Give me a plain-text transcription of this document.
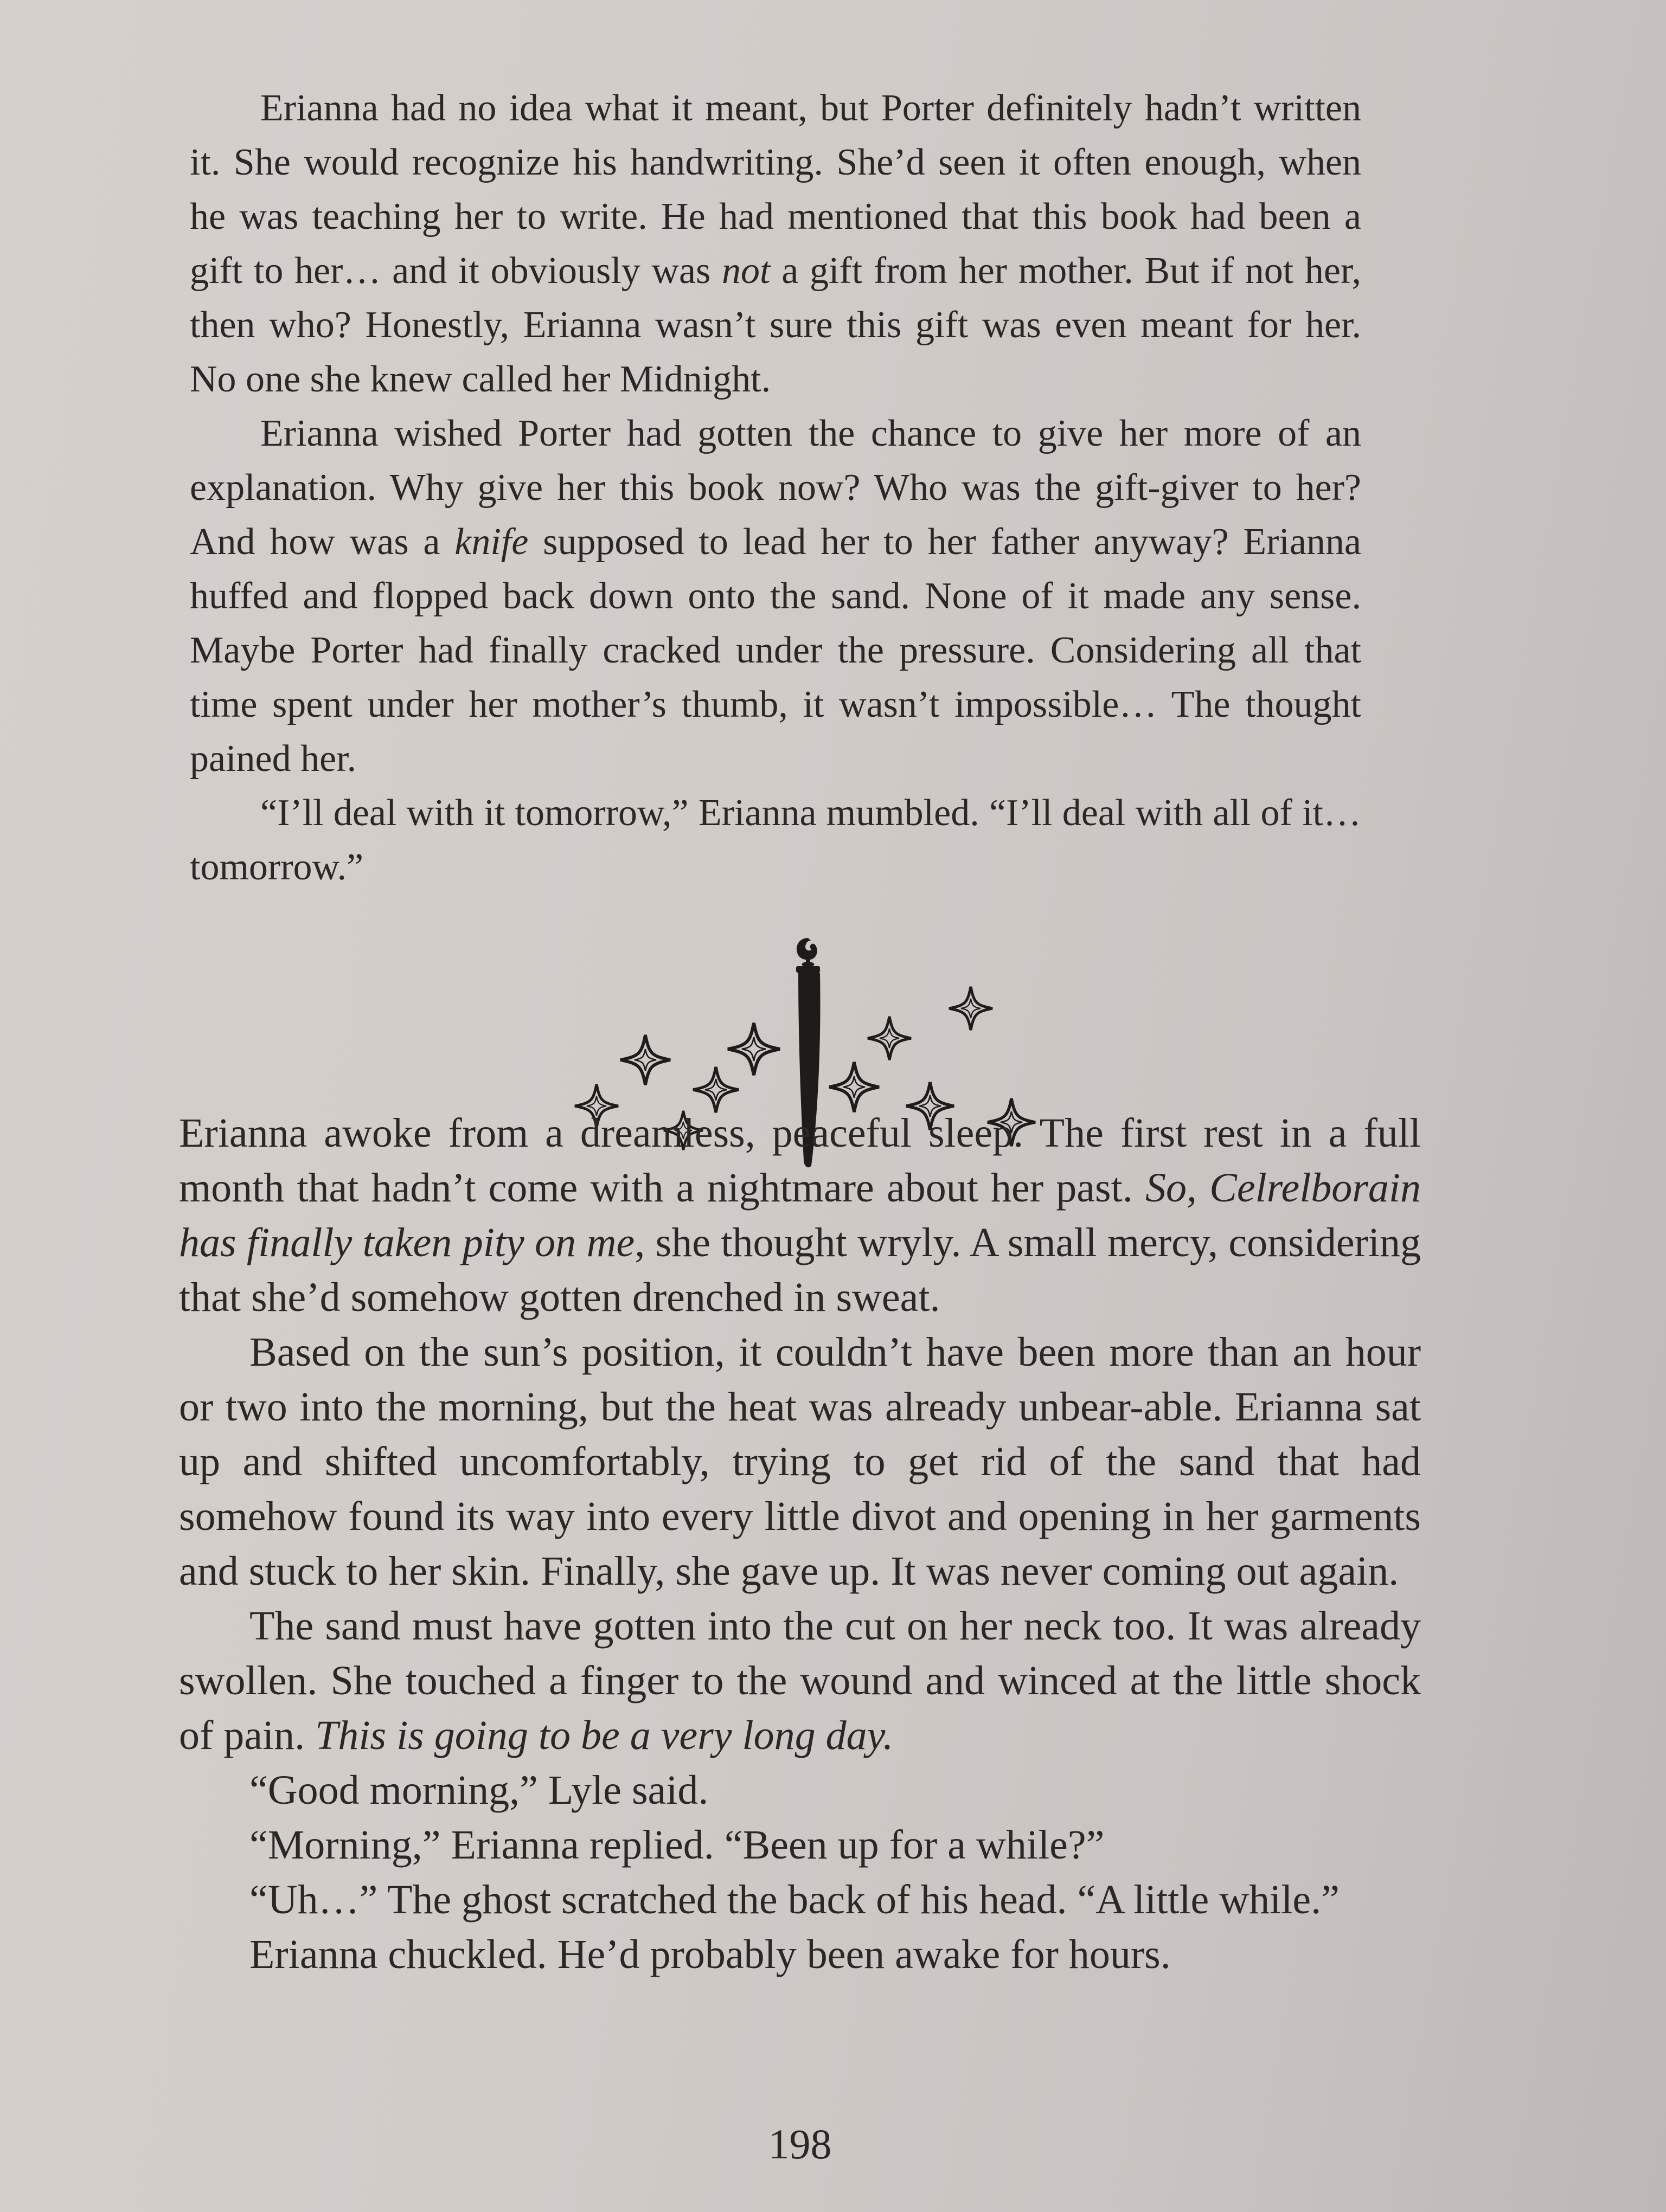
Erianna had no idea what it meant, but Porter definitely hadn’t written it. She would recognize his handwriting. She’d seen it often enough, when he was teaching her to write. He had mentioned that this book had been a gift to her… and it obviously was not a gift from her mother. But if not her, then who? Honestly, Erianna wasn’t sure this gift was even meant for her. No one she knew called her Midnight.

Erianna wished Porter had gotten the chance to give her more of an explanation. Why give her this book now? Who was the gift-giver to her? And how was a knife supposed to lead her to her father anyway? Erianna huffed and flopped back down onto the sand. None of it made any sense. Maybe Porter had finally cracked under the pressure. Considering all that time spent under her mother’s thumb, it wasn’t impossible… The thought pained her.

“I’ll deal with it tomorrow,” Erianna mumbled. “I’ll deal with all of it… tomorrow.”

Erianna awoke from a dreamless, peaceful sleep. The first rest in a full month that hadn’t come with a nightmare about her past. So, Celrelborain has finally taken pity on me, she thought wryly. A small mercy, considering that she’d somehow gotten drenched in sweat.

Based on the sun’s position, it couldn’t have been more than an hour or two into the morning, but the heat was already unbear-able. Erianna sat up and shifted uncomfortably, trying to get rid of the sand that had somehow found its way into every little divot and opening in her garments and stuck to her skin. Finally, she gave up. It was never coming out again.

The sand must have gotten into the cut on her neck too. It was already swollen. She touched a finger to the wound and winced at the little shock of pain. This is going to be a very long day.

“Good morning,” Lyle said.

“Morning,” Erianna replied. “Been up for a while?”

“Uh…” The ghost scratched the back of his head. “A little while.”

Erianna chuckled. He’d probably been awake for hours.

198
